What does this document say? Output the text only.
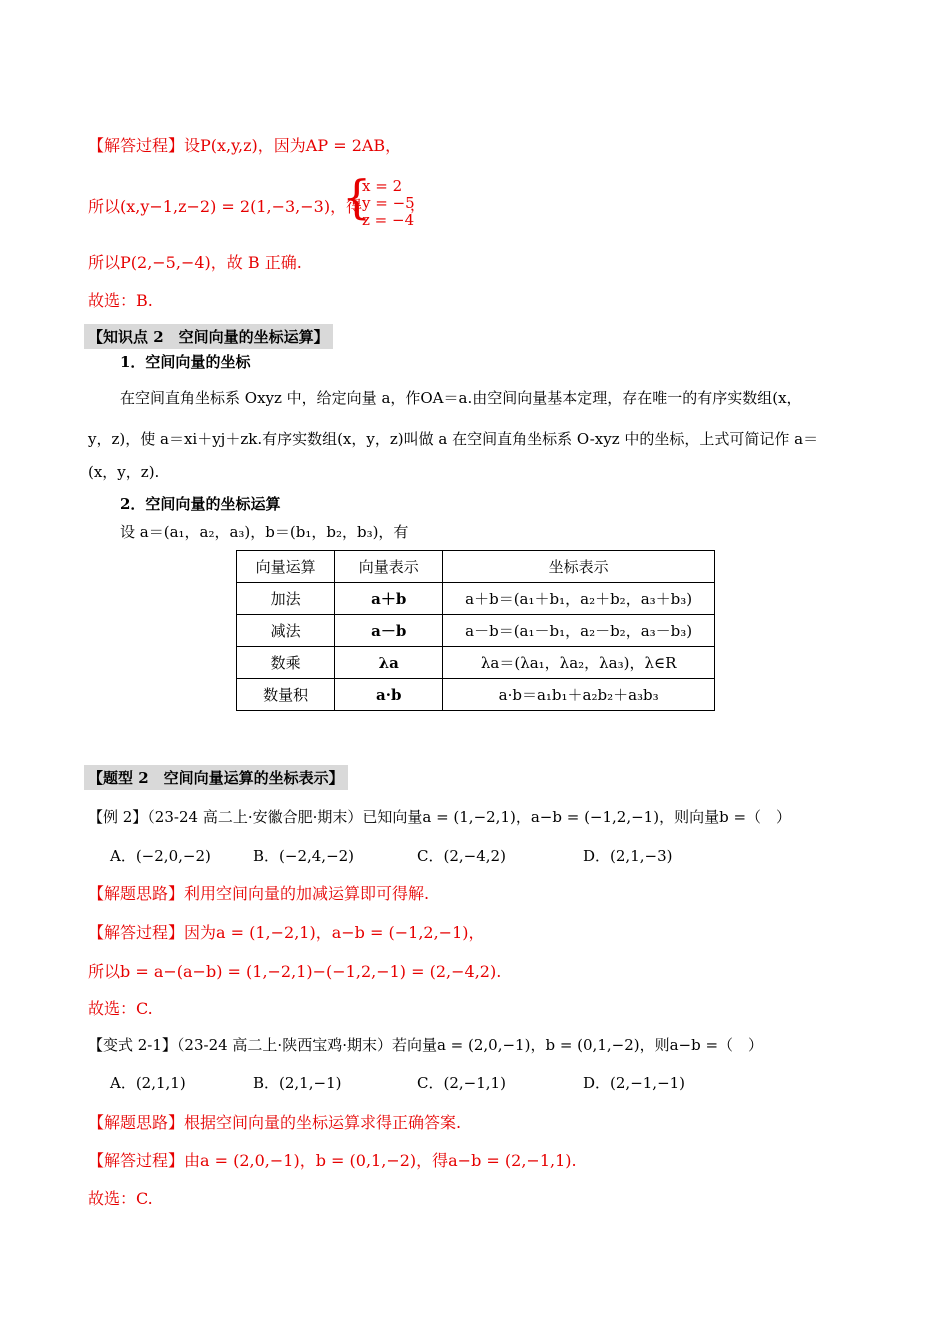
【解答过程】设P(x,y,z)，因为AP = 2AB，
所以(x,y−1,z−2) = 2(1,−3,−3)，得
{
x = 2
y = −5
z = −4
，
所以P(2,−5,−4)，故 B 正确.
故选：B.
【知识点 2　空间向量的坐标运算】
1．空间向量的坐标
在空间直角坐标系 Oxyz 中，给定向量 a，作OA＝a.由空间向量基本定理，存在唯一的有序实数组(x，
y，z)，使 a＝xi＋yj＋zk.有序实数组(x，y，z)叫做 a 在空间直角坐标系 O-xyz 中的坐标，上式可简记作 a＝
(x，y，z).
2．空间向量的坐标运算
设 a＝(a₁，a₂，a₃)，b＝(b₁，b₂，b₃)，有
向量运算	向量表示	坐标表示
加法	a＋b	a＋b＝(a₁＋b₁，a₂＋b₂，a₃＋b₃)
减法	a－b	a－b＝(a₁－b₁，a₂－b₂，a₃－b₃)
数乘	λa	λa＝(λa₁，λa₂，λa₃)，λ∈R
数量积	a·b	a·b＝a₁b₁＋a₂b₂＋a₃b₃
【题型 2　空间向量运算的坐标表示】
【例 2】（23-24 高二上·安徽合肥·期末）已知向量a = (1,−2,1)，a−b = (−1,2,−1)，则向量b =（　）
A．(−2,0,−2)	B．(−2,4,−2)	C．(2,−4,2)	D．(2,1,−3)
【解题思路】利用空间向量的加减运算即可得解.
【解答过程】因为a = (1,−2,1)，a−b = (−1,2,−1)，
所以b = a−(a−b) = (1,−2,1)−(−1,2,−1) = (2,−4,2).
故选：C.
【变式 2-1】（23-24 高二上·陕西宝鸡·期末）若向量a = (2,0,−1)，b = (0,1,−2)，则a−b =（　）
A．(2,1,1)	B．(2,1,−1)	C．(2,−1,1)	D．(2,−1,−1)
【解题思路】根据空间向量的坐标运算求得正确答案.
【解答过程】由a = (2,0,−1)，b = (0,1,−2)，得a−b = (2,−1,1).
故选：C.
